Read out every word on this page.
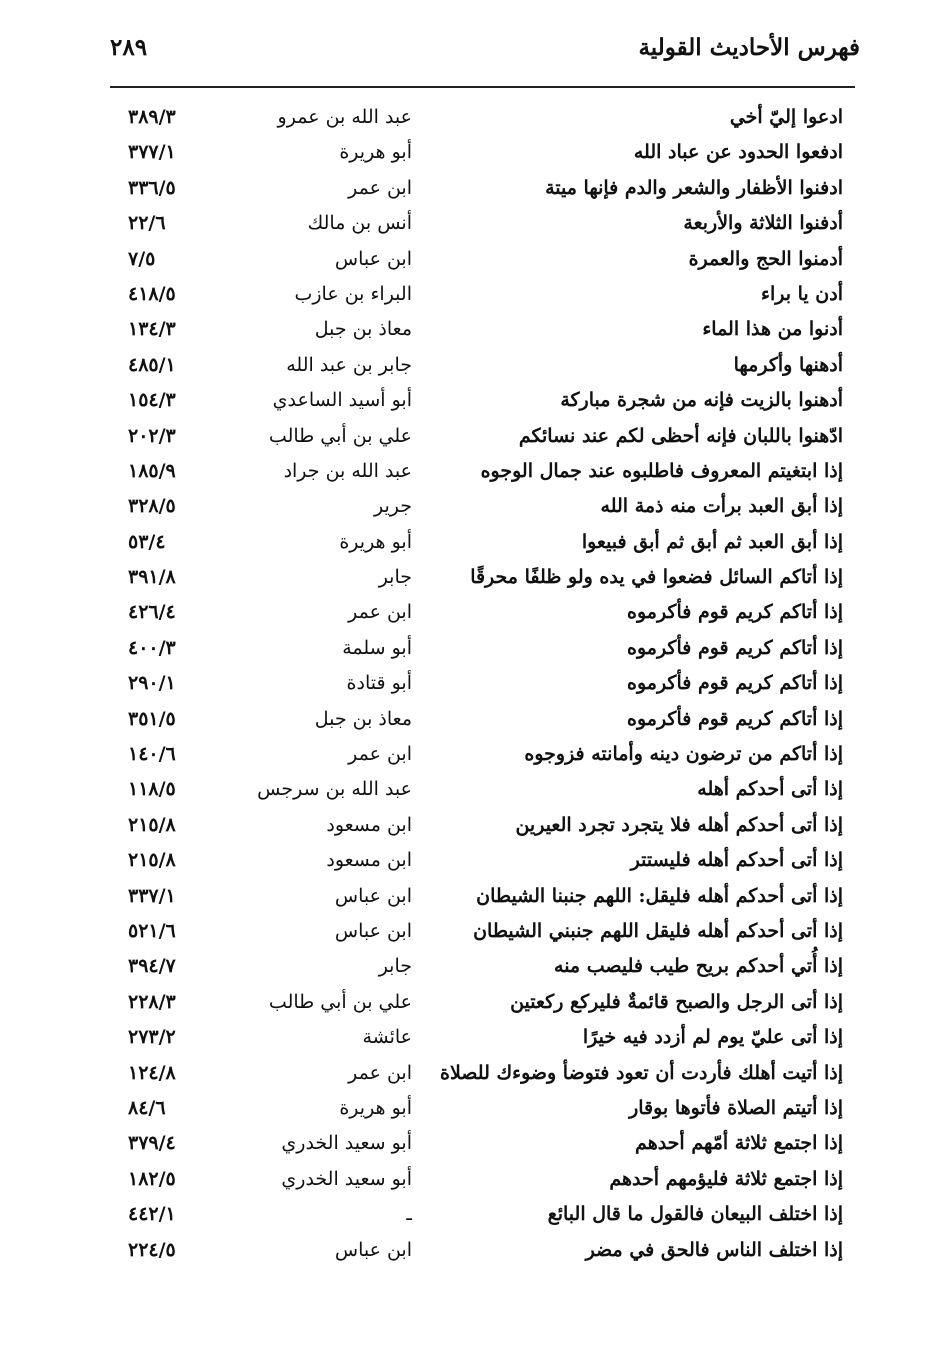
فهرس الأحاديث القولية
٢٨٩
ادعوا إليّ أخي
عبد الله بن عمرو
٣٨٩/٣
ادفعوا الحدود عن عباد الله
أبو هريرة
٣٧٧/١
ادفنوا الأظفار والشعر والدم فإنها ميتة
ابن عمر
٣٣٦/٥
أدفنوا الثلاثة والأربعة
أنس بن مالك
٢٢/٦
أدمنوا الحج والعمرة
ابن عباس
٧/٥
أدن يا براء
البراء بن عازب
٤١٨/٥
أدنوا من هذا الماء
معاذ بن جبل
١٣٤/٣
أدهنها وأكرمها
جابر بن عبد الله
٤٨٥/١
أدهنوا بالزيت فإنه من شجرة مباركة
أبو أسيد الساعدي
١٥٤/٣
ادّهنوا باللبان فإنه أحظى لكم عند نسائكم
علي بن أبي طالب
٢٠٢/٣
إذا ابتغيتم المعروف فاطلبوه عند جمال الوجوه
عبد الله بن جراد
١٨٥/٩
إذا أبق العبد برأت منه ذمة الله
جرير
٣٢٨/٥
إذا أبق العبد ثم أبق ثم أبق فبيعوا
أبو هريرة
٥٣/٤
إذا أتاكم السائل فضعوا في يده ولو ظلفًا محرقًا
جابر
٣٩١/٨
إذا أتاكم كريم قوم فأكرموه
ابن عمر
٤٢٦/٤
إذا أتاكم كريم قوم فأكرموه
أبو سلمة
٤٠٠/٣
إذا أتاكم كريم قوم فأكرموه
أبو قتادة
٢٩٠/١
إذا أتاكم كريم قوم فأكرموه
معاذ بن جبل
٣٥١/٥
إذا أتاكم من ترضون دينه وأمانته فزوجوه
ابن عمر
١٤٠/٦
إذا أتى أحدكم أهله
عبد الله بن سرجس
١١٨/٥
إذا أتى أحدكم أهله فلا يتجرد تجرد العيرين
ابن مسعود
٢١٥/٨
إذا أتى أحدكم أهله فليستتر
ابن مسعود
٢١٥/٨
إذا أتى أحدكم أهله فليقل: اللهم جنبنا الشيطان
ابن عباس
٣٣٧/١
إذا أتى أحدكم أهله فليقل اللهم جنبني الشيطان
ابن عباس
٥٢١/٦
إذا أُتي أحدكم بريح طيب فليصب منه
جابر
٣٩٤/٧
إذا أتى الرجل والصبح قائمةٌ فليركع ركعتين
علي بن أبي طالب
٢٢٨/٣
إذا أتى عليّ يوم لم أزدد فيه خيرًا
عائشة
٢٧٣/٢
إذا أتيت أهلك فأردت أن تعود فتوضأ وضوءك للصلاة
ابن عمر
١٢٤/٨
إذا أتيتم الصلاة فأتوها بوقار
أبو هريرة
٨٤/٦
إذا اجتمع ثلاثة أمّهم أحدهم
أبو سعيد الخدري
٣٧٩/٤
إذا اجتمع ثلاثة فليؤمهم أحدهم
أبو سعيد الخدري
١٨٢/٥
إذا اختلف البيعان فالقول ما قال البائع
ـ
٤٤٢/١
إذا اختلف الناس فالحق في مضر
ابن عباس
٢٢٤/٥
